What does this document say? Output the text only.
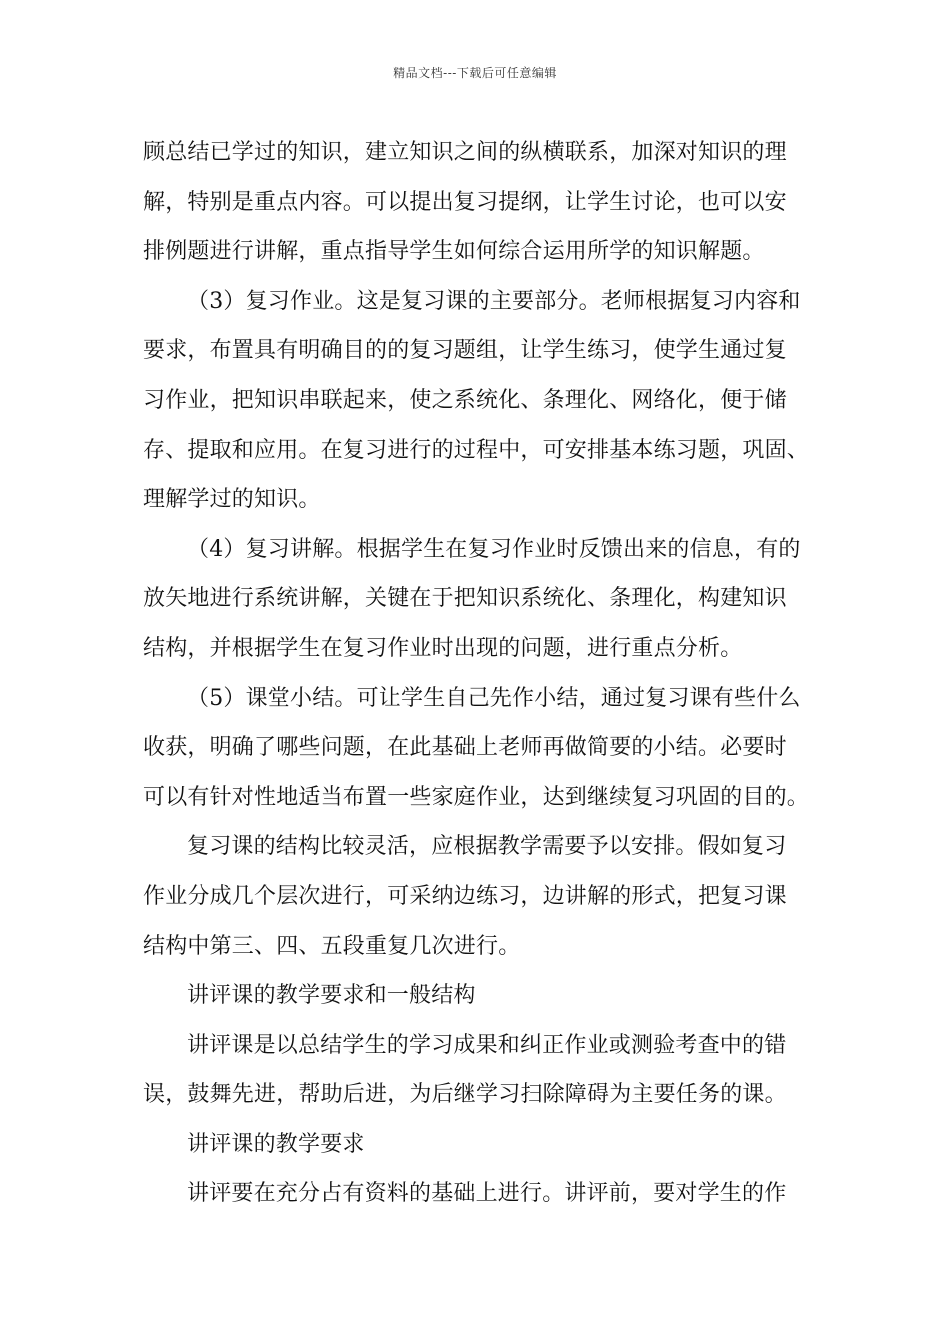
精品文档---下载后可任意编辑
顾总结已学过的知识，建立知识之间的纵横联系，加深对知识的理
解，特别是重点内容。可以提出复习提纲，让学生讨论，也可以安
排例题进行讲解，重点指导学生如何综合运用所学的知识解题。
（3）复习作业。这是复习课的主要部分。老师根据复习内容和
要求，布置具有明确目的的复习题组，让学生练习，使学生通过复
习作业，把知识串联起来，使之系统化、条理化、网络化，便于储
存、提取和应用。在复习进行的过程中，可安排基本练习题，巩固、
理解学过的知识。
（4）复习讲解。根据学生在复习作业时反馈出来的信息，有的
放矢地进行系统讲解，关键在于把知识系统化、条理化，构建知识
结构，并根据学生在复习作业时出现的问题，进行重点分析。
（5）课堂小结。可让学生自己先作小结，通过复习课有些什么
收获，明确了哪些问题，在此基础上老师再做简要的小结。必要时
可以有针对性地适当布置一些家庭作业，达到继续复习巩固的目的。
复习课的结构比较灵活，应根据教学需要予以安排。假如复习
作业分成几个层次进行，可采纳边练习，边讲解的形式，把复习课
结构中第三、四、五段重复几次进行。
讲评课的教学要求和一般结构
讲评课是以总结学生的学习成果和纠正作业或测验考查中的错
误，鼓舞先进，帮助后进，为后继学习扫除障碍为主要任务的课。
讲评课的教学要求
讲评要在充分占有资料的基础上进行。讲评前，要对学生的作
